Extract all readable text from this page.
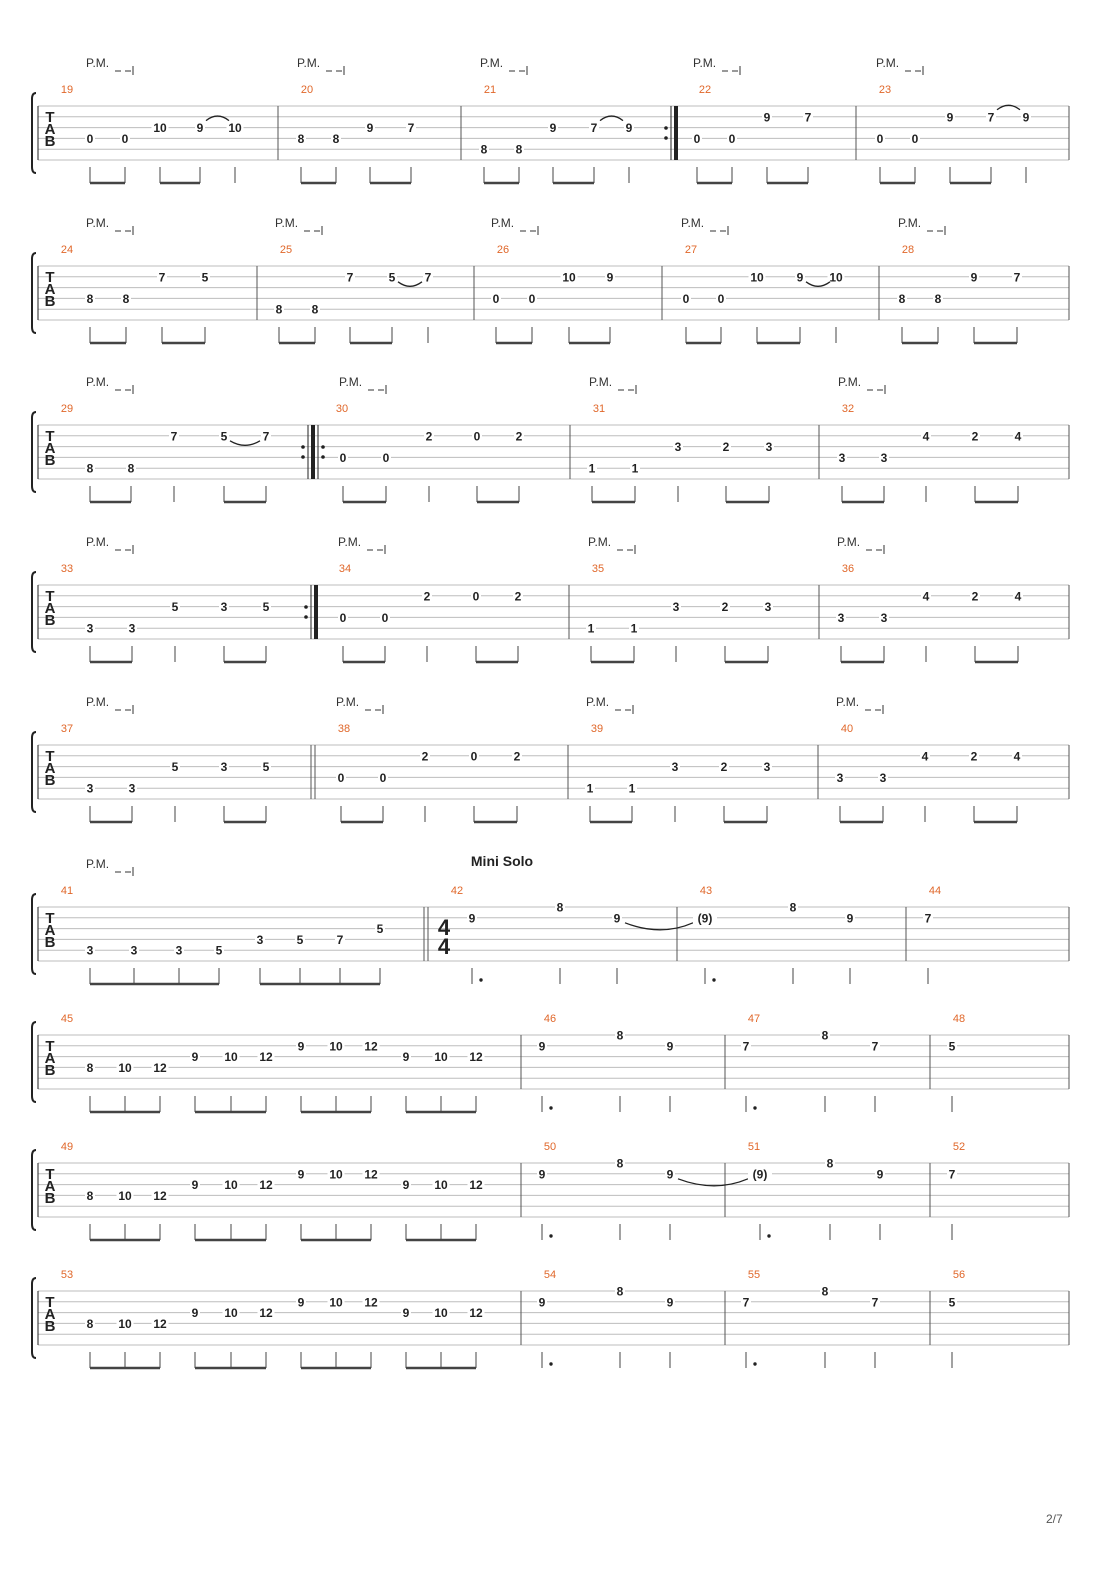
T
A
B
19
P.M.
0 0
10 9 10
20
P.M.
8 8
9	7
21
P.M.
8 8
9	7 9
22
P.M.
0 0
9	7
23
P.M.
0 0
9	7 9
T
A
B
24
P.M.
8 8
7	5
25
P.M.
8 8
7	5 7
26
P.M.
0 0
10	9
27
P.M.
0 0
10	9 10
28
P.M.
8 8
9	7
T
A
B
29
P.M.
8	8
7	5	7
30
P.M.
0	0
2	0	2
31
P.M.
1	1
3	2	3
32
P.M.
3	3
4	2	4
T
A
B
33
P.M.
3	3
5	3	5
34
P.M.
0	0
2	0	2
35
P.M.
1	1
3	2	3
36
P.M.
3	3
4	2	4
T
A
B
37
P.M.
3	3
5	3	5
38
P.M.
0	0
2	0	2
39
P.M.
1	1
3	2	3
40
P.M.
3	3
4	2	4
T
A
B
41
P.M.
3	3	3	5
3	5	7
5
42
Mini Solo
4
4
9
8
9
43
(9)
8
9
44
7
T
A
B
45
8 10 12
9 10 12
9 10 12
9 10 12
46
9
8
9
47
7
8
7
48
5
T
A
B
49
8 10 12
9 10 12
9 10 12
9 10 12
50
9
8
9
51
(9)
8
9
52
7
T
A
B
53
8 10 12
9 10 12
9 10 12
9 10 12
54
9
8
9
55
7
8
7
56
5
2/7
